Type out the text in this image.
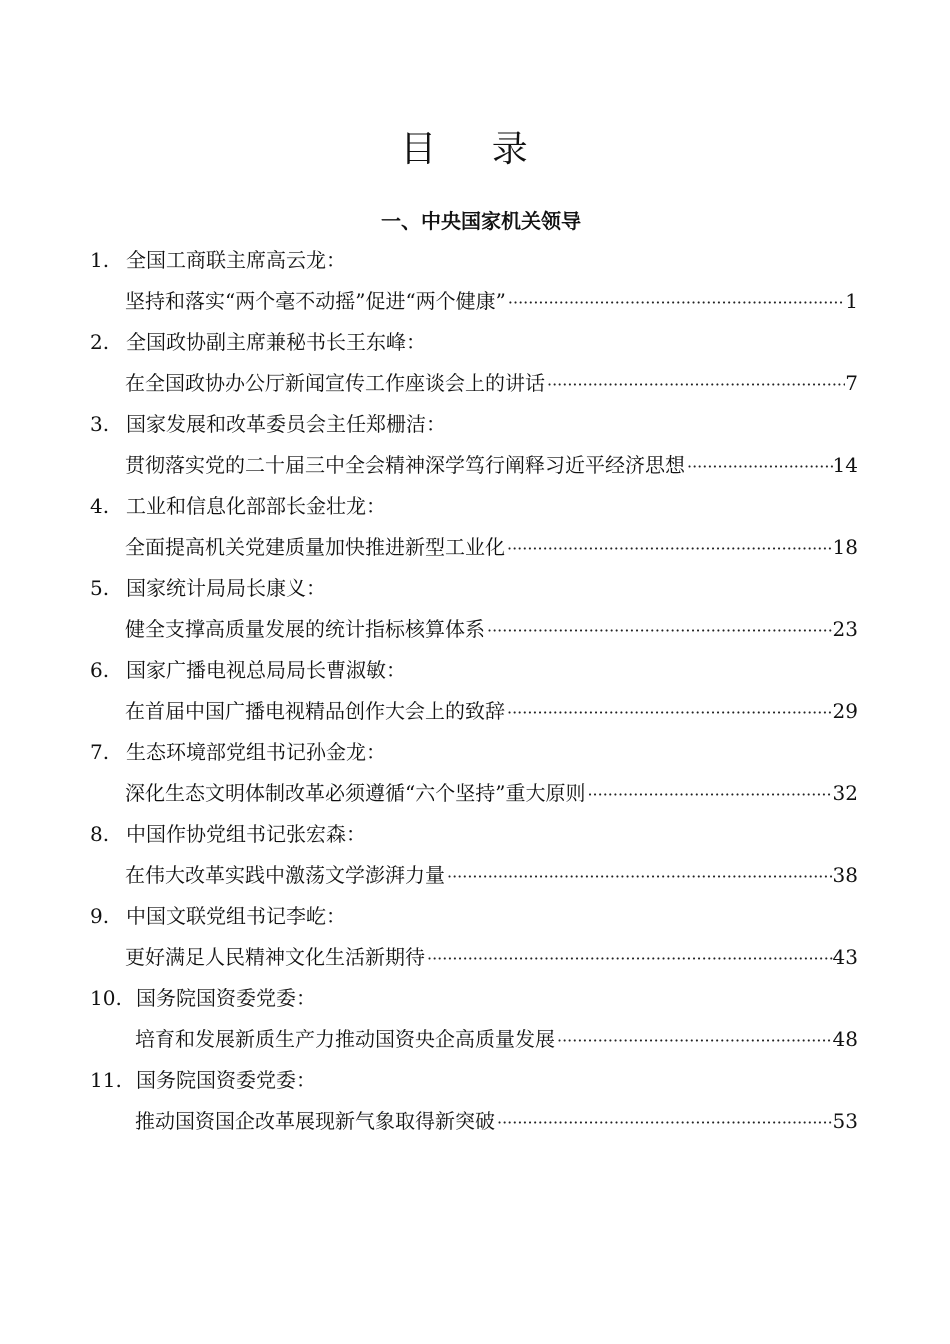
目 录
一、中央国家机关领导
1. 全国工商联主席高云龙：
坚持和落实“两个毫不动摇”促进“两个健康” ·····	1
2. 全国政协副主席兼秘书长王东峰：
在全国政协办公厅新闻宣传工作座谈会上的讲话 ·····	7
3. 国家发展和改革委员会主任郑栅洁：
贯彻落实党的二十届三中全会精神深学笃行阐释习近平经济思想 ·····	14
4. 工业和信息化部部长金壮龙：
全面提高机关党建质量加快推进新型工业化 ·····	18
5. 国家统计局局长康义：
健全支撑高质量发展的统计指标核算体系 ·····	23
6. 国家广播电视总局局长曹淑敏：
在首届中国广播电视精品创作大会上的致辞 ·····	29
7. 生态环境部党组书记孙金龙：
深化生态文明体制改革必须遵循“六个坚持”重大原则 ·····	32
8. 中国作协党组书记张宏森：
在伟大改革实践中激荡文学澎湃力量 ·····	38
9. 中国文联党组书记李屹：
更好满足人民精神文化生活新期待 ·····	43
10. 国务院国资委党委：
培育和发展新质生产力推动国资央企高质量发展 ·····	48
11. 国务院国资委党委：
推动国资国企改革展现新气象取得新突破 ·····	53
